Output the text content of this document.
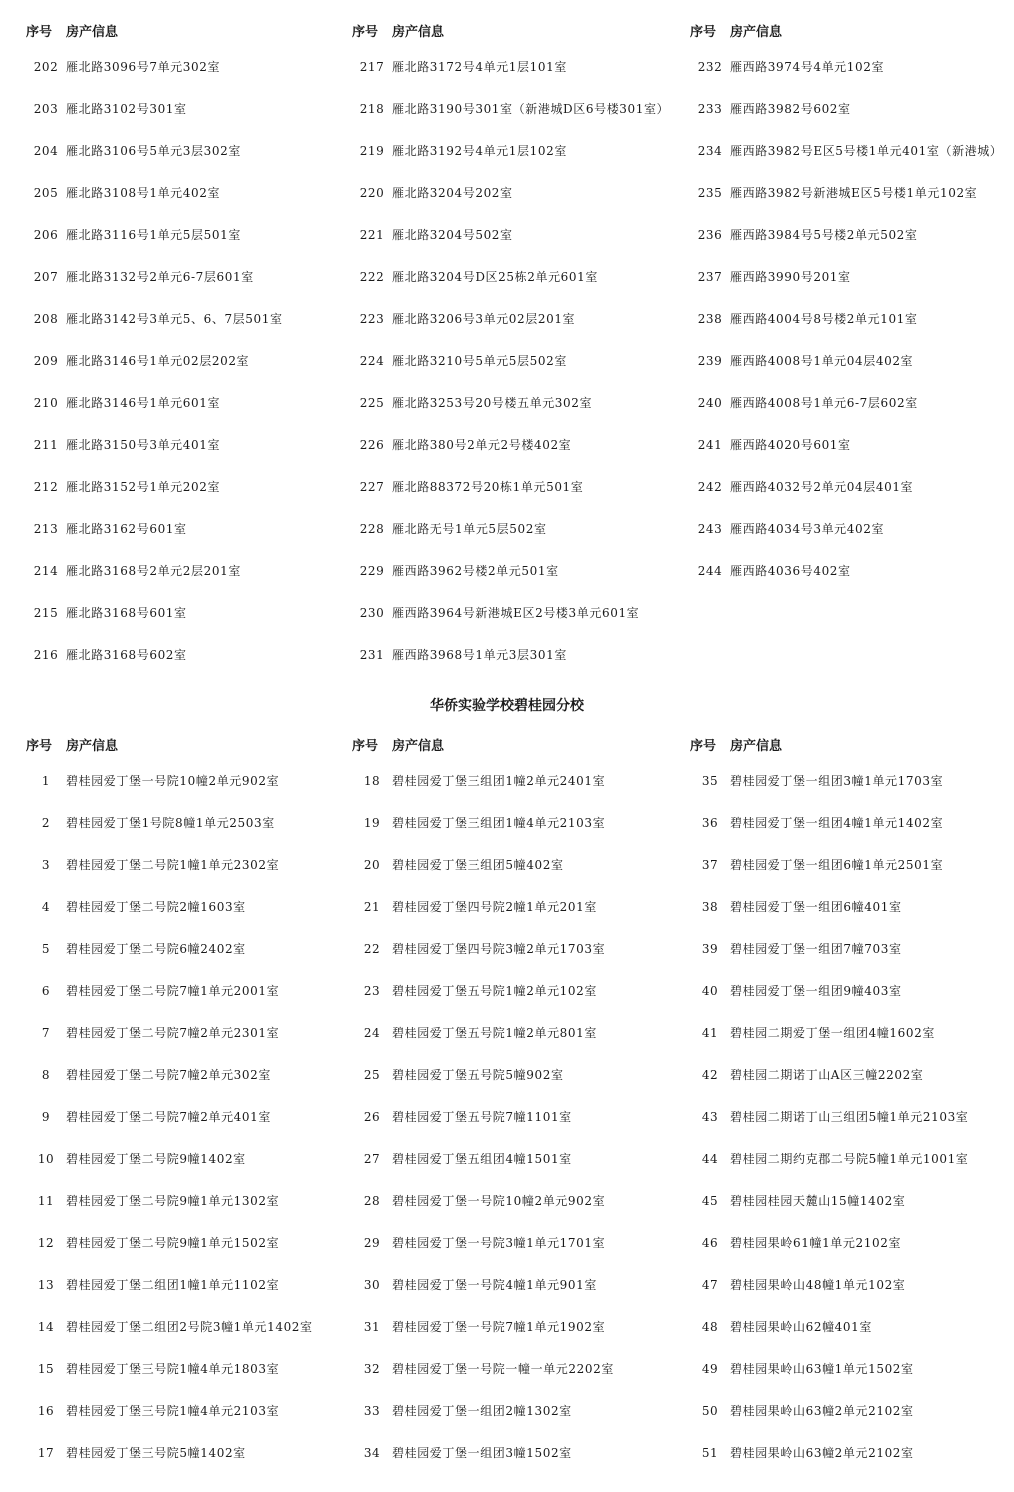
序号 房产信息
202 雁北路3096号7单元302室
203 雁北路3102号301室
204 雁北路3106号5单元3层302室
205 雁北路3108号1单元402室
206 雁北路3116号1单元5层501室
207 雁北路3132号2单元6-7层601室
208 雁北路3142号3单元5、6、7层501室
209 雁北路3146号1单元02层202室
210 雁北路3146号1单元601室
211 雁北路3150号3单元401室
212 雁北路3152号1单元202室
213 雁北路3162号601室
214 雁北路3168号2单元2层201室
215 雁北路3168号601室
216 雁北路3168号602室
序号 房产信息
217 雁北路3172号4单元1层101室
218 雁北路3190号301室（新港城D区6号楼301室）
219 雁北路3192号4单元1层102室
220 雁北路3204号202室
221 雁北路3204号502室
222 雁北路3204号D区25栋2单元601室
223 雁北路3206号3单元02层201室
224 雁北路3210号5单元5层502室
225 雁北路3253号20号楼五单元302室
226 雁北路380号2单元2号楼402室
227 雁北路88372号20栋1单元501室
228 雁北路无号1单元5层502室
229 雁西路3962号楼2单元501室
230 雁西路3964号新港城E区2号楼3单元601室
231 雁西路3968号1单元3层301室
序号 房产信息
232 雁西路3974号4单元102室
233 雁西路3982号602室
234 雁西路3982号E区5号楼1单元401室（新港城）
235 雁西路3982号新港城E区5号楼1单元102室
236 雁西路3984号5号楼2单元502室
237 雁西路3990号201室
238 雁西路4004号8号楼2单元101室
239 雁西路4008号1单元04层402室
240 雁西路4008号1单元6-7层602室
241 雁西路4020号601室
242 雁西路4032号2单元04层401室
243 雁西路4034号3单元402室
244 雁西路4036号402室
华侨实验学校碧桂园分校
序号 房产信息
1 碧桂园爱丁堡一号院10幢2单元902室
2 碧桂园爱丁堡1号院8幢1单元2503室
3 碧桂园爱丁堡二号院1幢1单元2302室
4 碧桂园爱丁堡二号院2幢1603室
5 碧桂园爱丁堡二号院6幢2402室
6 碧桂园爱丁堡二号院7幢1单元2001室
7 碧桂园爱丁堡二号院7幢2单元2301室
8 碧桂园爱丁堡二号院7幢2单元302室
9 碧桂园爱丁堡二号院7幢2单元401室
10 碧桂园爱丁堡二号院9幢1402室
11 碧桂园爱丁堡二号院9幢1单元1302室
12 碧桂园爱丁堡二号院9幢1单元1502室
13 碧桂园爱丁堡二组团1幢1单元1102室
14 碧桂园爱丁堡二组团2号院3幢1单元1402室
15 碧桂园爱丁堡三号院1幢4单元1803室
16 碧桂园爱丁堡三号院1幢4单元2103室
17 碧桂园爱丁堡三号院5幢1402室
序号 房产信息
18 碧桂园爱丁堡三组团1幢2单元2401室
19 碧桂园爱丁堡三组团1幢4单元2103室
20 碧桂园爱丁堡三组团5幢402室
21 碧桂园爱丁堡四号院2幢1单元201室
22 碧桂园爱丁堡四号院3幢2单元1703室
23 碧桂园爱丁堡五号院1幢2单元102室
24 碧桂园爱丁堡五号院1幢2单元801室
25 碧桂园爱丁堡五号院5幢902室
26 碧桂园爱丁堡五号院7幢1101室
27 碧桂园爱丁堡五组团4幢1501室
28 碧桂园爱丁堡一号院10幢2单元902室
29 碧桂园爱丁堡一号院3幢1单元1701室
30 碧桂园爱丁堡一号院4幢1单元901室
31 碧桂园爱丁堡一号院7幢1单元1902室
32 碧桂园爱丁堡一号院一幢一单元2202室
33 碧桂园爱丁堡一组团2幢1302室
34 碧桂园爱丁堡一组团3幢1502室
序号 房产信息
35 碧桂园爱丁堡一组团3幢1单元1703室
36 碧桂园爱丁堡一组团4幢1单元1402室
37 碧桂园爱丁堡一组团6幢1单元2501室
38 碧桂园爱丁堡一组团6幢401室
39 碧桂园爱丁堡一组团7幢703室
40 碧桂园爱丁堡一组团9幢403室
41 碧桂园二期爱丁堡一组团4幢1602室
42 碧桂园二期诺丁山A区三幢2202室
43 碧桂园二期诺丁山三组团5幢1单元2103室
44 碧桂园二期约克郡二号院5幢1单元1001室
45 碧桂园桂园天麓山15幢1402室
46 碧桂园果岭61幢1单元2102室
47 碧桂园果岭山48幢1单元102室
48 碧桂园果岭山62幢401室
49 碧桂园果岭山63幢1单元1502室
50 碧桂园果岭山63幢2单元2102室
51 碧桂园果岭山63幢2单元2102室
